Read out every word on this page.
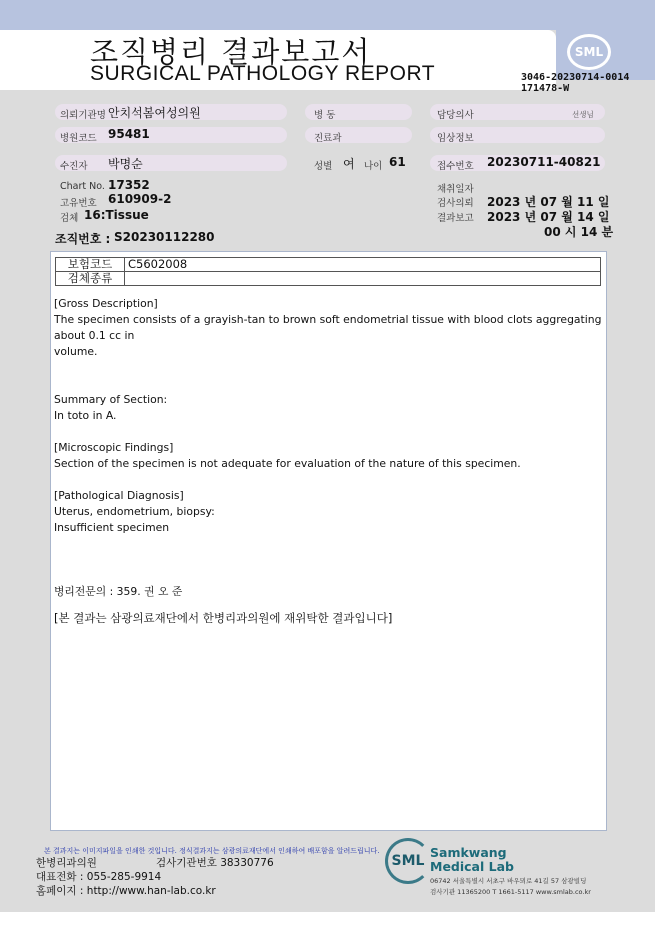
SML
조직병리 결과보고서
SURGICAL PATHOLOGY REPORT	3046-20230714-0014
171478-W
의뢰기관명 안치석봄여성의원	병 동	담당의사	선생님
병원코드 95481	진료과	임상정보
수진자 박명순	성별 여 나이 61	접수번호 20230711-40821
Chart No. 17352
고유번호 610909-2
검체 16:Tissue
채취일자
검사의뢰 2023 년 07 월 11 일
결과보고 2023 년 07 월 14 일
00 시 14 분
조직번호 : S20230112280
보험코드	C5602008
검체종류	

[Gross Description]

The specimen consists of a grayish-tan to brown soft endometrial tissue with blood clots aggregating about 0.1 cc in

volume.

Summary of Section:

In toto in A.

[Microscopic Findings]

Section of the specimen is not adequate for evaluation of the nature of this specimen.

[Pathological Diagnosis]

Uterus, endometrium, biopsy:

Insufficient specimen

병리전문의 : 359. 권 오 준

[본 결과는 삼광의료재단에서 한병리과의원에 재위탁한 결과입니다]

본 결과지는 이미지파일을 인쇄한 것입니다. 정식결과지는 삼광의료재단에서 인쇄하여 배포함을 알려드립니다.
한병리과의원	검사기관번호 38330776
대표전화 : 055-285-9914
홈페이지 : http://www.han-lab.co.kr
SML
Samkwang
Medical Lab
06742 서울특별시 서초구 바우뫼로 41길 57 삼광빌딩
검사기관 11365200 T 1661-5117 www.smlab.co.kr
